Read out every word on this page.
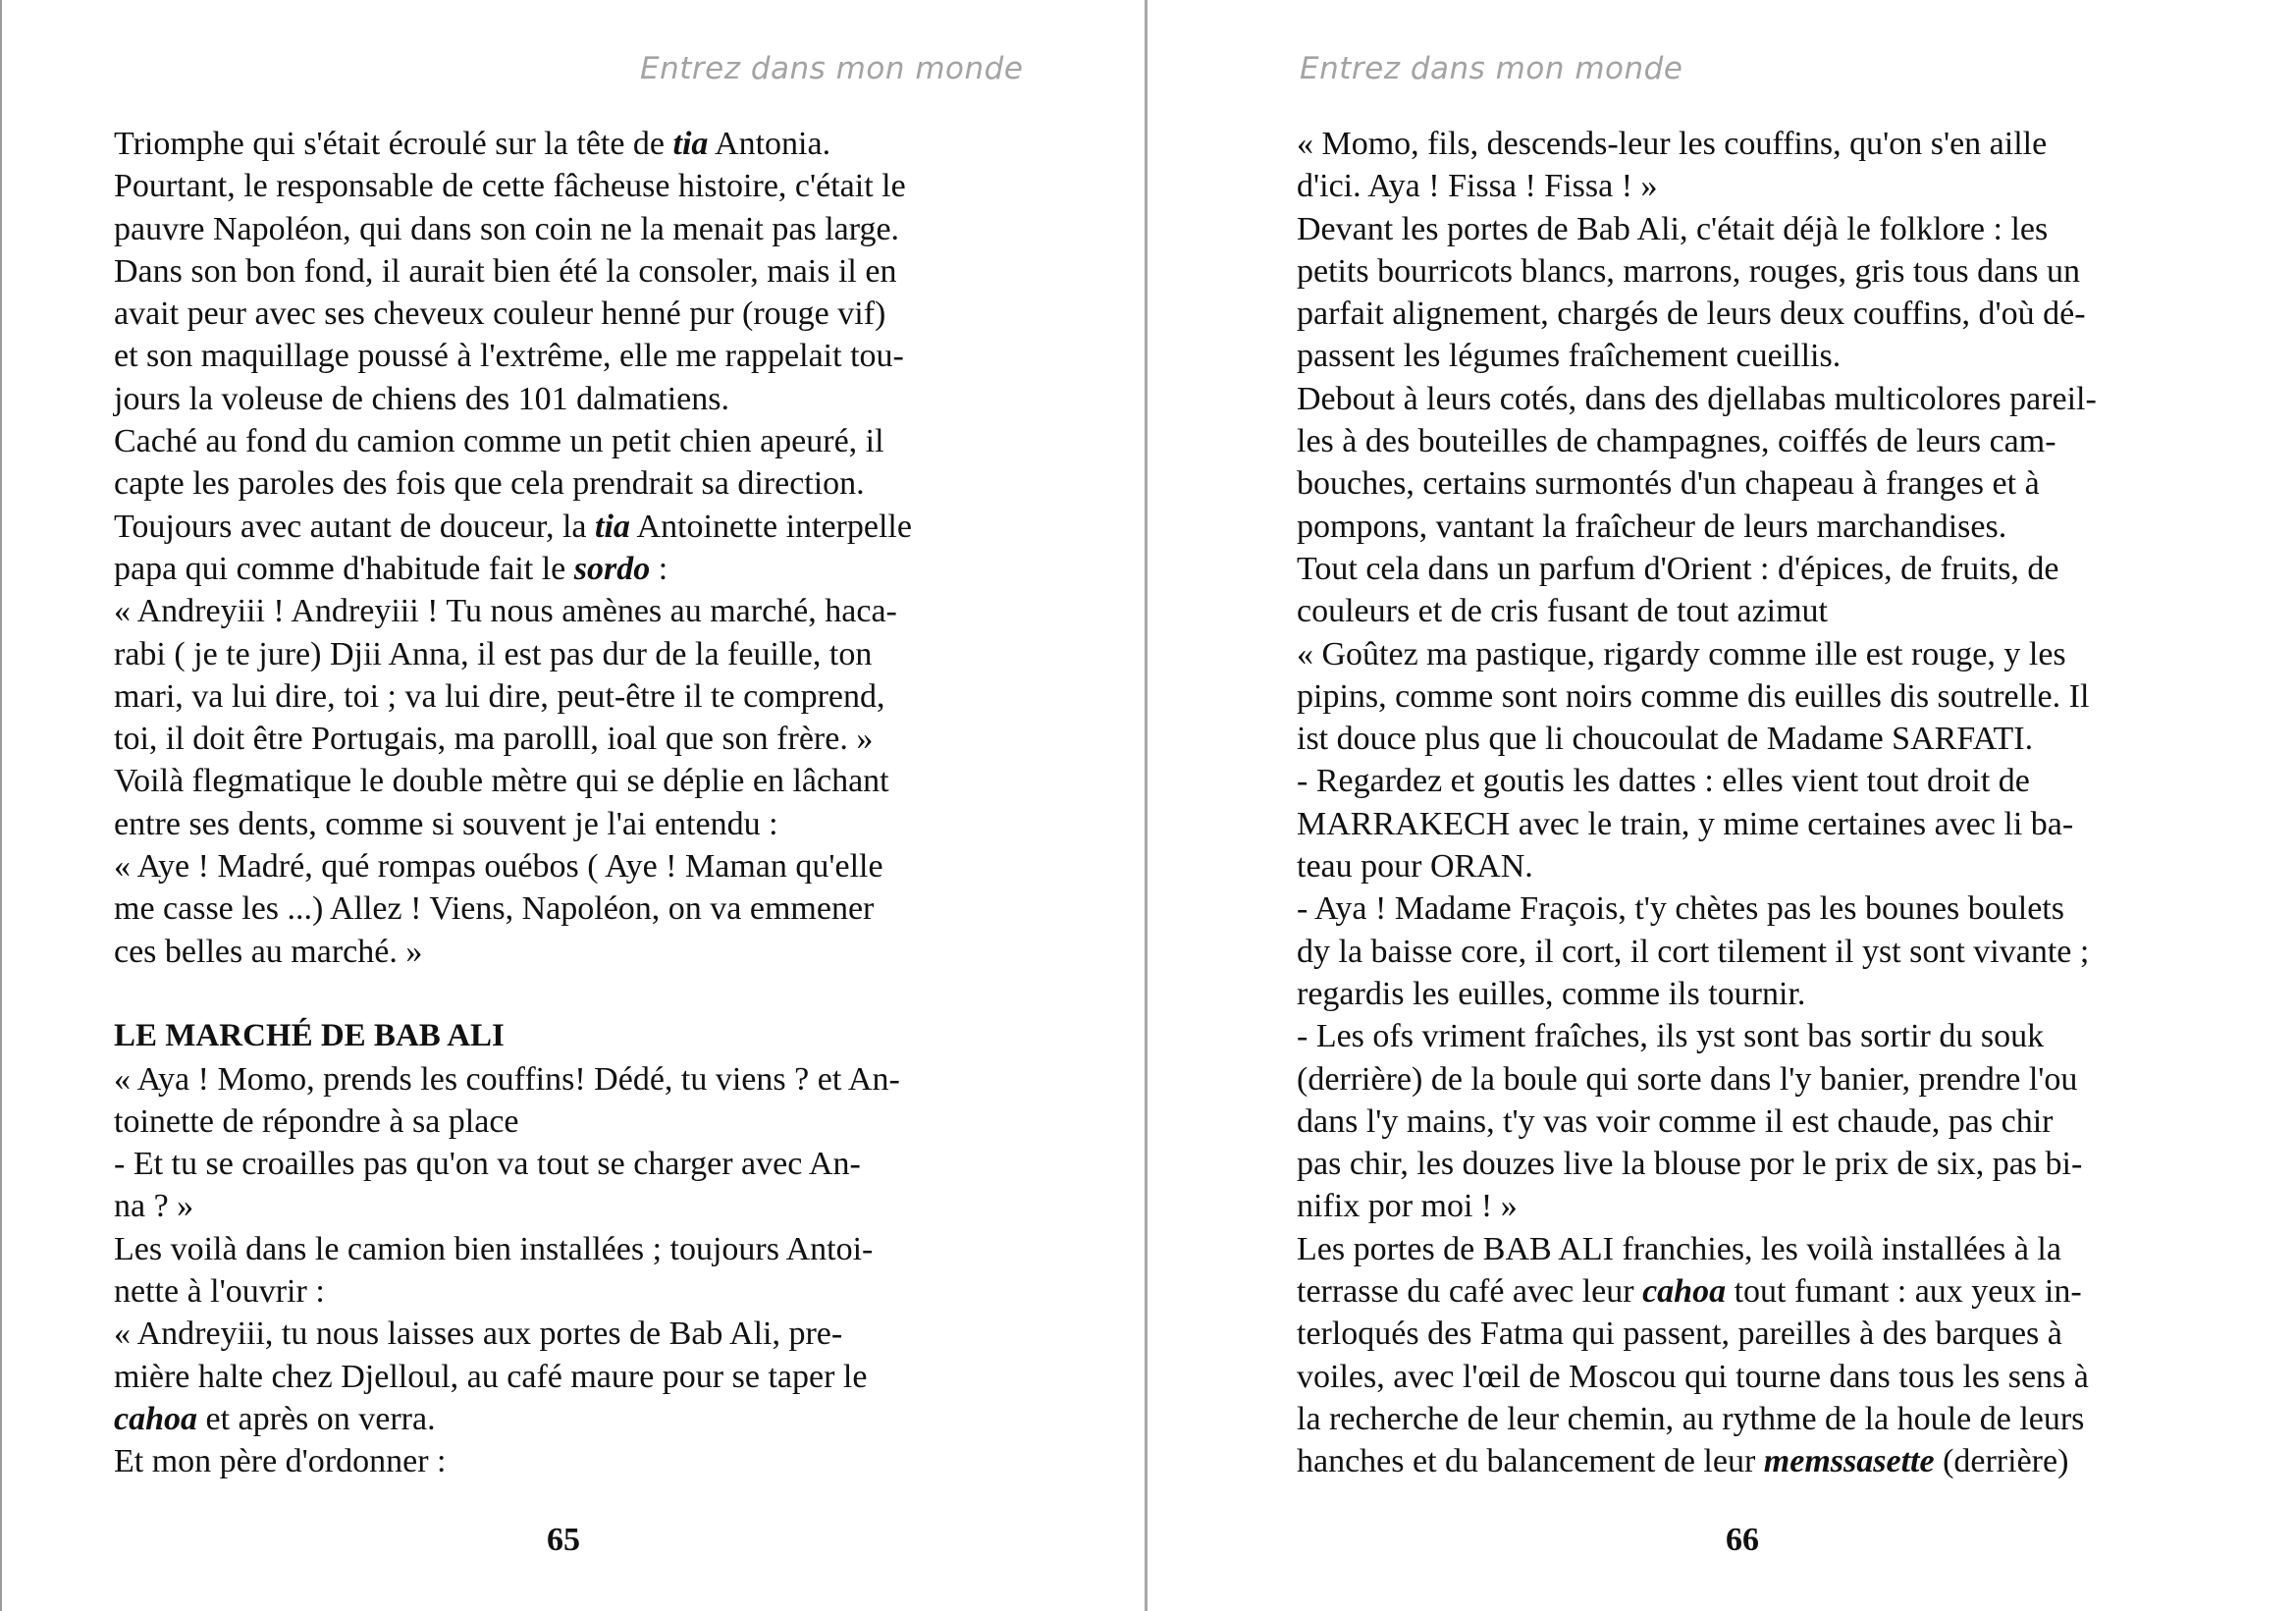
Entrez dans mon monde
Triomphe qui s'était écroulé sur la tête de tia Antonia.
Pourtant, le responsable de cette fâcheuse histoire, c'était le
pauvre Napoléon, qui dans son coin ne la menait pas large.
Dans son bon fond, il aurait bien été la consoler, mais il en
avait peur avec ses cheveux couleur henné pur (rouge vif)
et son maquillage poussé à l'extrême, elle me rappelait tou-
jours la voleuse de chiens des 101 dalmatiens.
Caché au fond du camion comme un petit chien apeuré, il
capte les paroles des fois que cela prendrait sa direction.
Toujours avec autant de douceur, la tia Antoinette interpelle
papa qui comme d'habitude fait le sordo :
« Andreyiii ! Andreyiii ! Tu nous amènes au marché, haca-
rabi ( je te jure) Djii Anna, il est pas dur de la feuille, ton
mari, va lui dire, toi ; va lui dire, peut-être il te comprend,
toi, il doit être Portugais, ma parolll, ioal que son frère. »
Voilà flegmatique le double mètre qui se déplie en lâchant
entre ses dents, comme si souvent je l'ai entendu :
« Aye ! Madré, qué rompas ouébos ( Aye ! Maman qu'elle
me casse les ...) Allez ! Viens, Napoléon, on va emmener
ces belles au marché. »
LE MARCHÉ DE BAB ALI
« Aya ! Momo, prends les couffins! Dédé, tu viens ? et An-
toinette de répondre à sa place
- Et tu se croailles pas qu'on va tout se charger avec An-
na ? »
Les voilà dans le camion bien installées ; toujours Antoi-
nette à l'ouvrir :
« Andreyiii, tu nous laisses aux portes de Bab Ali, pre-
mière halte chez Djelloul, au café maure pour se taper le
cahoa et après on verra.
Et mon père d'ordonner :
65
Entrez dans mon monde
« Momo, fils, descends-leur les couffins, qu'on s'en aille
d'ici. Aya ! Fissa ! Fissa ! »
Devant les portes de Bab Ali, c'était déjà le folklore : les
petits bourricots blancs, marrons, rouges, gris tous dans un
parfait alignement, chargés de leurs deux couffins, d'où dé-
passent les légumes fraîchement cueillis.
Debout à leurs cotés, dans des djellabas multicolores pareil-
les à des bouteilles de champagnes, coiffés de leurs cam-
bouches, certains surmontés d'un chapeau à franges et à
pompons, vantant la fraîcheur de leurs marchandises.
Tout cela dans un parfum d'Orient : d'épices, de fruits, de
couleurs et de cris fusant de tout azimut
« Goûtez ma pastique, rigardy comme ille est rouge, y les
pipins, comme sont noirs comme dis euilles dis soutrelle. Il
ist douce plus que li choucoulat de Madame SARFATI.
- Regardez et goutis les dattes : elles vient tout droit de
MARRAKECH avec le train, y mime certaines avec li ba-
teau pour ORAN.
- Aya ! Madame Fraçois, t'y chètes pas les bounes boulets
dy la baisse core, il cort, il cort tilement il yst sont vivante ;
regardis les euilles, comme ils tournir.
- Les ofs vriment fraîches, ils yst sont bas sortir du souk
(derrière) de la boule qui sorte dans l'y banier, prendre l'ou
dans l'y mains, t'y vas voir comme il est chaude, pas chir
pas chir, les douzes live la blouse por le prix de six, pas bi-
nifix por moi ! »
Les portes de BAB ALI franchies, les voilà installées à la
terrasse du café avec leur cahoa tout fumant : aux yeux in-
terloqués des Fatma qui passent, pareilles à des barques à
voiles, avec l'œil de Moscou qui tourne dans tous les sens à
la recherche de leur chemin, au rythme de la houle de leurs
hanches et du balancement de leur memssasette (derrière)
66
